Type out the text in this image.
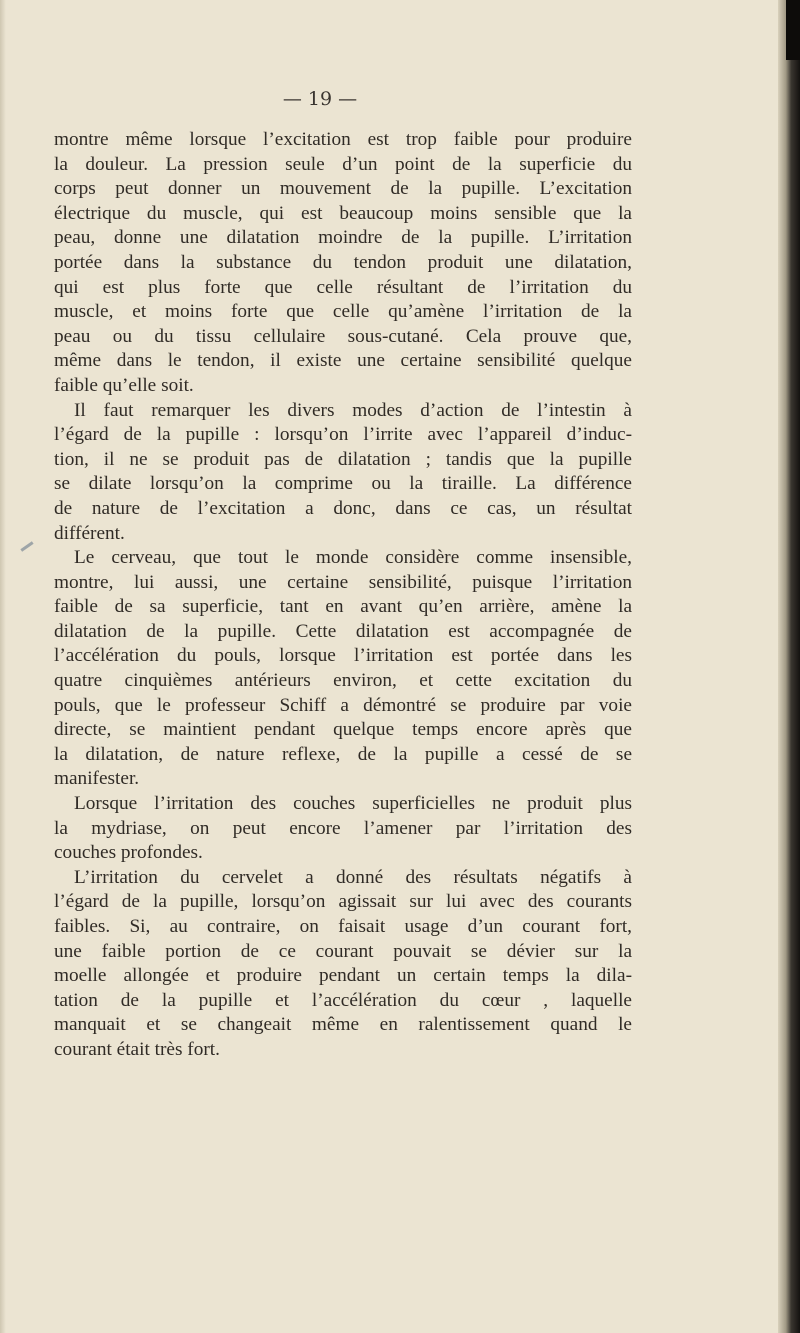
— 19 —
montre même lorsque l’excitation est trop faible pour produire
la douleur. La pression seule d’un point de la superficie du
corps peut donner un mouvement de la pupille. L’excitation
électrique du muscle, qui est beaucoup moins sensible que la
peau, donne une dilatation moindre de la pupille. L’irritation
portée dans la substance du tendon produit une dilatation,
qui est plus forte que celle résultant de l’irritation du
muscle, et moins forte que celle qu’amène l’irritation de la
peau ou du tissu cellulaire sous-cutané. Cela prouve que,
même dans le tendon, il existe une certaine sensibilité quelque
faible qu’elle soit.
Il faut remarquer les divers modes d’action de l’intestin à
l’égard de la pupille : lorsqu’on l’irrite avec l’appareil d’induc-
tion, il ne se produit pas de dilatation ; tandis que la pupille
se dilate lorsqu’on la comprime ou la tiraille. La différence
de nature de l’excitation a donc, dans ce cas, un résultat
différent.
Le cerveau, que tout le monde considère comme insensible,
montre, lui aussi, une certaine sensibilité, puisque l’irritation
faible de sa superficie, tant en avant qu’en arrière, amène la
dilatation de la pupille. Cette dilatation est accompagnée de
l’accélération du pouls, lorsque l’irritation est portée dans les
quatre cinquièmes antérieurs environ, et cette excitation du
pouls, que le professeur Schiff a démontré se produire par voie
directe, se maintient pendant quelque temps encore après que
la dilatation, de nature reflexe, de la pupille a cessé de se
manifester.
Lorsque l’irritation des couches superficielles ne produit plus
la mydriase, on peut encore l’amener par l’irritation des
couches profondes.
L’irritation du cervelet a donné des résultats négatifs à
l’égard de la pupille, lorsqu’on agissait sur lui avec des courants
faibles. Si, au contraire, on faisait usage d’un courant fort,
une faible portion de ce courant pouvait se dévier sur la
moelle allongée et produire pendant un certain temps la dila-
tation de la pupille et l’accélération du cœur , laquelle
manquait et se changeait même en ralentissement quand le
courant était très fort.
